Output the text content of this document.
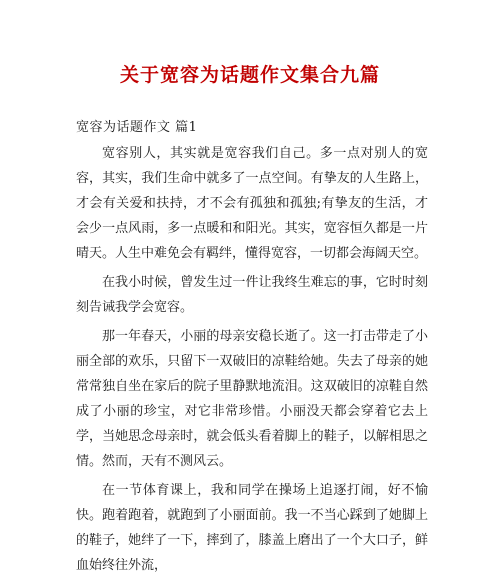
关于宽容为话题作文集合九篇
宽容为话题作文 篇1

宽容别人，其实就是宽容我们自己。多一点对别人的宽容，其实，我们生命中就多了一点空间。有挚友的人生路上，才会有关爱和扶持，才不会有孤独和孤独;有挚友的生活，才会少一点风雨，多一点暖和和阳光。其实，宽容恒久都是一片晴天。人生中难免会有羁绊，懂得宽容，一切都会海阔天空。

在我小时候，曾发生过一件让我终生难忘的事，它时时刻刻告诫我学会宽容。

那一年春天，小丽的母亲安稳长逝了。这一打击带走了小丽全部的欢乐，只留下一双破旧的凉鞋给她。失去了母亲的她常常独自坐在家后的院子里静默地流泪。这双破旧的凉鞋自然成了小丽的珍宝，对它非常珍惜。小丽没天都会穿着它去上学，当她思念母亲时，就会低头看着脚上的鞋子，以解相思之情。然而，天有不测风云。

在一节体育课上，我和同学在操场上追逐打闹，好不愉快。跑着跑着，就跑到了小丽面前。我一不当心踩到了她脚上的鞋子，她绊了一下，摔到了，膝盖上磨出了一个大口子，鲜血始终往外流，
